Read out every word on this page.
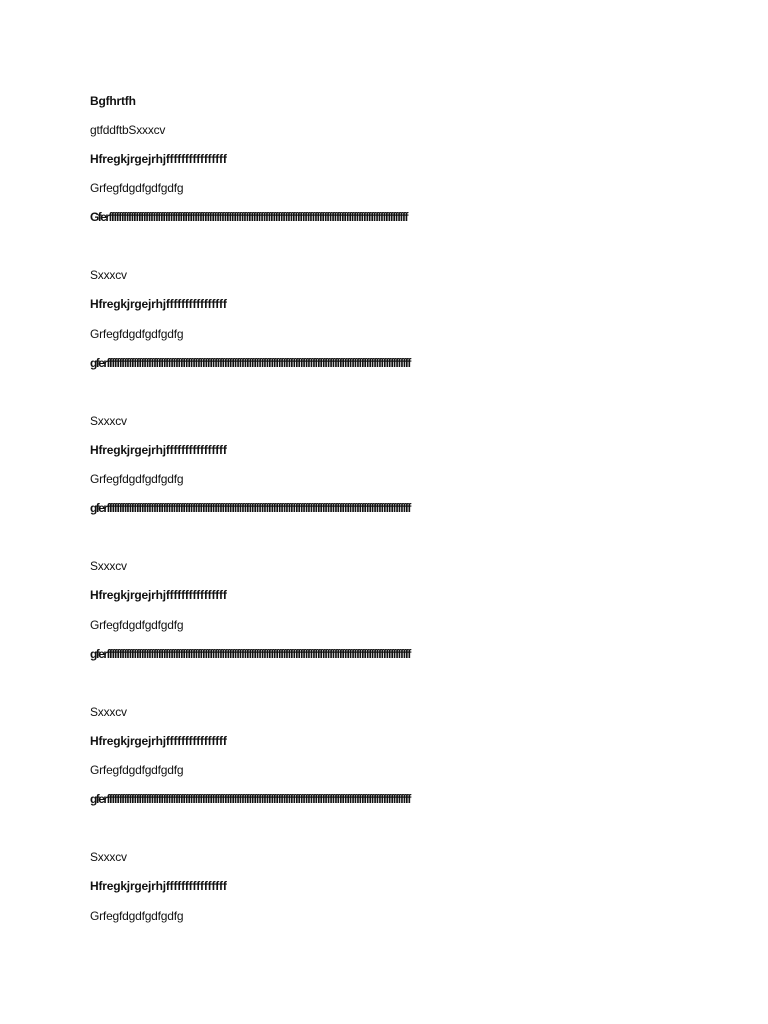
Bgfhrtfh
gtfddftbSxxxcv
Hfregkjrgejrhjffffffffffffffff
Grfegfdgdfgdfgdfg
Gferffffffffffffffffffffffffffffffffffffffffffffffffffffffffffffffffffffffffffffffffffffffffffffffffffffffffffffffffffffffffff
Sxxxcv
Hfregkjrgejrhjffffffffffffffff
Grfegfdgdfgdfgdfg
gferffffffffffffffffffffffffffffffffffffffffffffffffffffffffffffffffffffffffffffffffffffffffffffffffffffffffffffffffffffffffffff
Sxxxcv
Hfregkjrgejrhjffffffffffffffff
Grfegfdgdfgdfgdfg
gferffffffffffffffffffffffffffffffffffffffffffffffffffffffffffffffffffffffffffffffffffffffffffffffffffffffffffffffffffffffffffff
Sxxxcv
Hfregkjrgejrhjffffffffffffffff
Grfegfdgdfgdfgdfg
gferffffffffffffffffffffffffffffffffffffffffffffffffffffffffffffffffffffffffffffffffffffffffffffffffffffffffffffffffffffffffffff
Sxxxcv
Hfregkjrgejrhjffffffffffffffff
Grfegfdgdfgdfgdfg
gferffffffffffffffffffffffffffffffffffffffffffffffffffffffffffffffffffffffffffffffffffffffffffffffffffffffffffffffffffffffffffff
Sxxxcv
Hfregkjrgejrhjffffffffffffffff
Grfegfdgdfgdfgdfg
